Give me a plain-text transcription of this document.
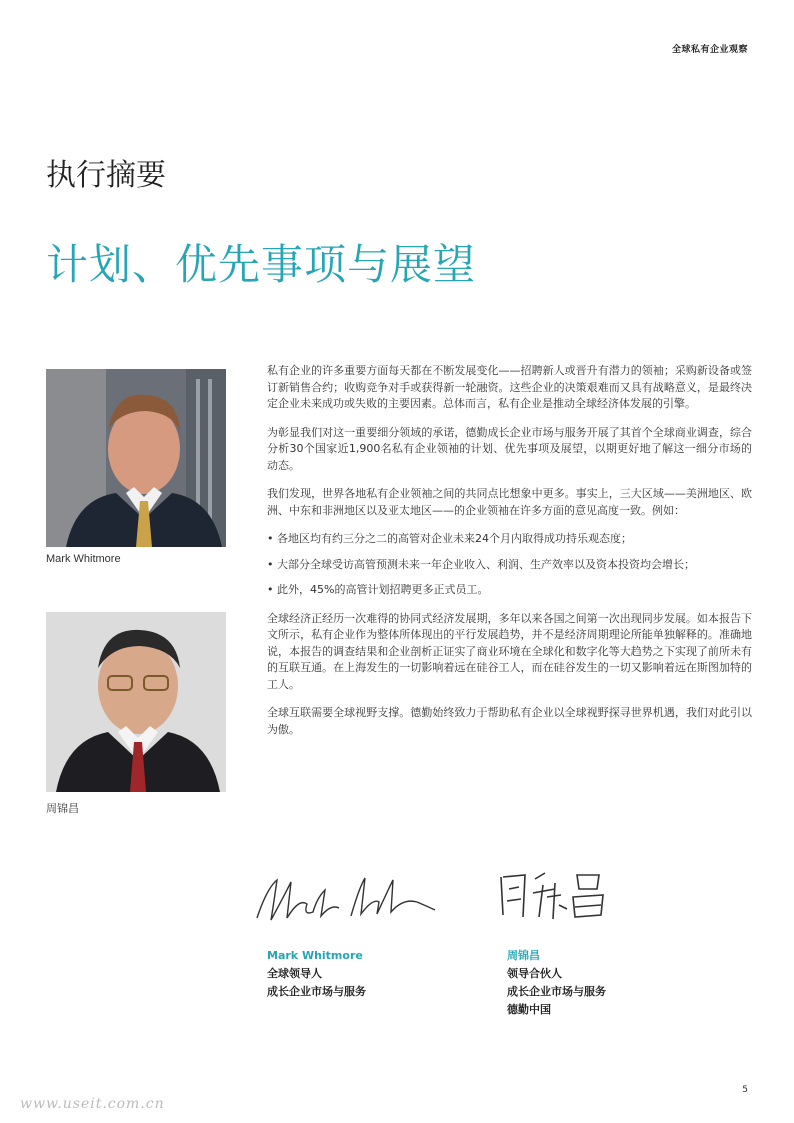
全球私有企业观察
执行摘要
计划、优先事项与展望
Mark Whitmore
周锦昌

私有企业的许多重要方面每天都在不断发展变化——招聘新人或晋升有潜力的领袖；采购新设备或签订新销售合约；收购竞争对手或获得新一轮融资。这些企业的决策艰难而又具有战略意义，是最终决定企业未来成功或失败的主要因素。总体而言，私有企业是推动全球经济体发展的引擎。

为彰显我们对这一重要细分领域的承诺，德勤成长企业市场与服务开展了其首个全球商业调查，综合分析30个国家近1,900名私有企业领袖的计划、优先事项及展望，以期更好地了解这一细分市场的动态。

我们发现，世界各地私有企业领袖之间的共同点比想象中更多。事实上，三大区域——美洲地区、欧洲、中东和非洲地区以及亚太地区——的企业领袖在许多方面的意见高度一致。例如：

• 各地区均有约三分之二的高管对企业未来24个月内取得成功持乐观态度；
• 大部分全球受访高管预测未来一年企业收入、利润、生产效率以及资本投资均会增长；
• 此外，45%的高管计划招聘更多正式员工。

全球经济正经历一次难得的协同式经济发展期，多年以来各国之间第一次出现同步发展。如本报告下文所示，私有企业作为整体所体现出的平行发展趋势，并不是经济周期理论所能单独解释的。准确地说，本报告的调查结果和企业剖析正证实了商业环境在全球化和数字化等大趋势之下实现了前所未有的互联互通。在上海发生的一切影响着远在硅谷工人，而在硅谷发生的一切又影响着远在斯图加特的工人。

全球互联需要全球视野支撑。德勤始终致力于帮助私有企业以全球视野探寻世界机遇，我们对此引以为傲。

Mark Whitmore
全球领导人
成长企业市场与服务
周锦昌
领导合伙人
成长企业市场与服务
德勤中国
5
www.useit.com.cn
